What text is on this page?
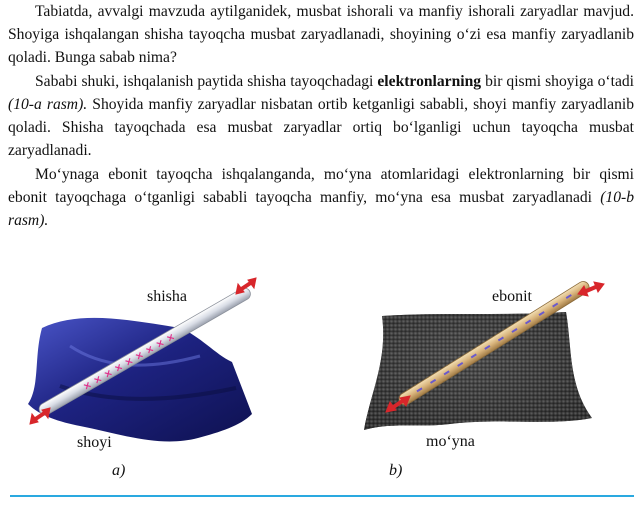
Tabiatda, avvalgi mavzuda aytilganidek, musbat ishorali va manfiy ishorali zaryadlar mavjud. Shoyiga ishqalangan shisha tayoqcha musbat zaryadlanadi, shoyining o‘zi esa manfiy zaryadlanib qoladi. Bunga sabab nima?

Sababi shuki, ishqalanish paytida shisha tayoqchadagi elektronlarning bir qismi shoyiga o‘tadi (10-a rasm). Shoyida manfiy zaryadlar nisbatan ortib ketganligi sababli, shoyi manfiy zaryadlanib qoladi. Shisha tayoqchada esa musbat zaryadlar ortiq bo‘lganligi uchun tayoqcha musbat zaryadlanadi.

Mo‘ynaga ebonit tayoqcha ishqalanganda, mo‘yna atomlaridagi elektronlarning bir qismi ebonit tayoqchaga o‘tganligi sababli tayoqcha manfiy, mo‘yna esa musbat zaryadlanadi (10-b rasm).

×
×
×
×
×
×
×
×
×
shisha
shoyi
a)
ebonit
mo‘yna
b)
